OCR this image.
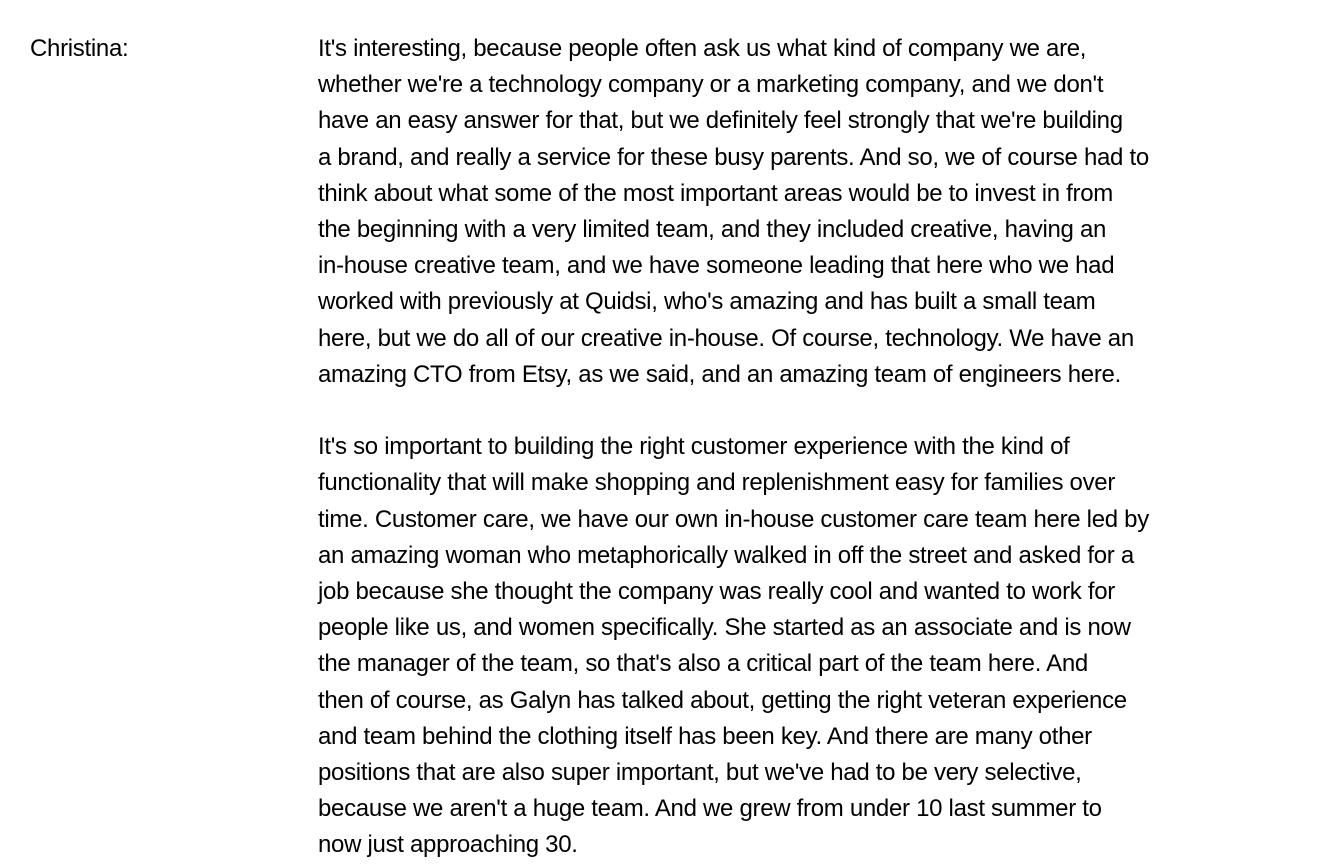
Christina:	It's interesting, because people often ask us what kind of company we are,
whether we're a technology company or a marketing company, and we don't
have an easy answer for that, but we definitely feel strongly that we're building
a brand, and really a service for these busy parents. And so, we of course had to
think about what some of the most important areas would be to invest in from
the beginning with a very limited team, and they included creative, having an
in-house creative team, and we have someone leading that here who we had
worked with previously at Quidsi, who's amazing and has built a small team
here, but we do all of our creative in-house. Of course, technology. We have an
amazing CTO from Etsy, as we said, and an amazing team of engineers here.

It's so important to building the right customer experience with the kind of
functionality that will make shopping and replenishment easy for families over
time. Customer care, we have our own in-house customer care team here led by
an amazing woman who metaphorically walked in off the street and asked for a
job because she thought the company was really cool and wanted to work for
people like us, and women specifically. She started as an associate and is now
the manager of the team, so that's also a critical part of the team here. And
then of course, as Galyn has talked about, getting the right veteran experience
and team behind the clothing itself has been key. And there are many other
positions that are also super important, but we've had to be very selective,
because we aren't a huge team. And we grew from under 10 last summer to
now just approaching 30.
